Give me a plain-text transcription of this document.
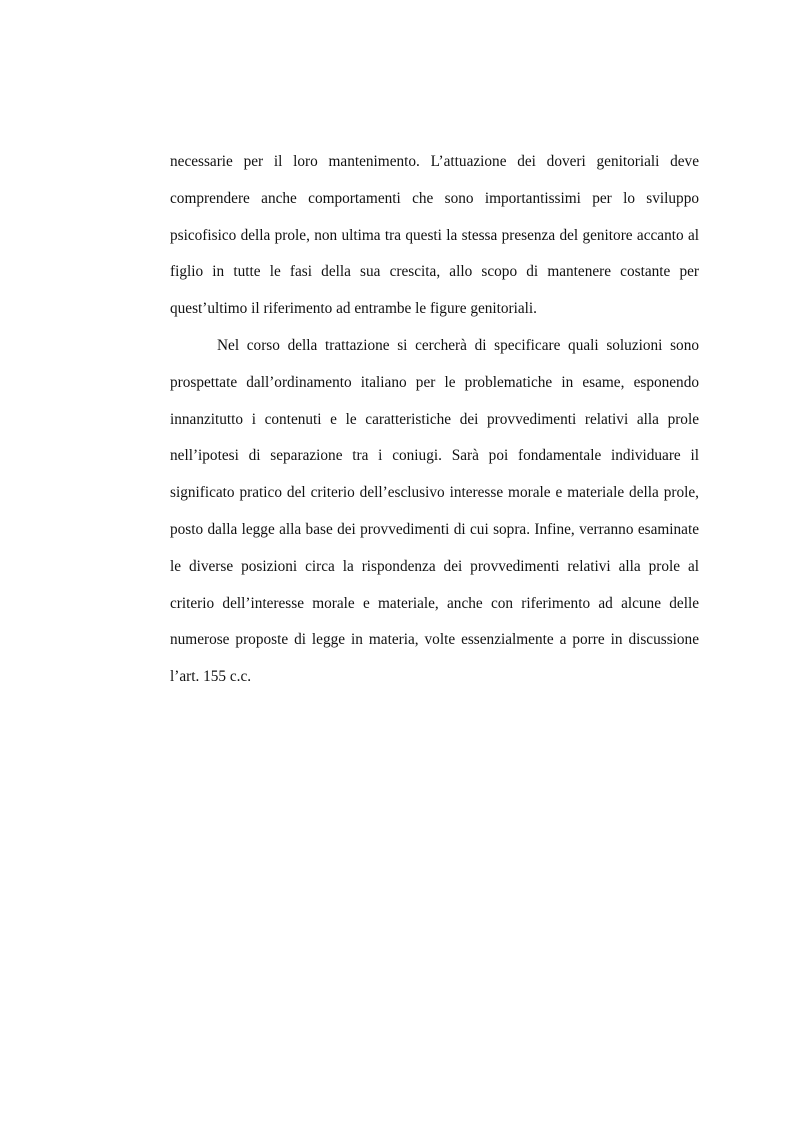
necessarie per il loro mantenimento. L’attuazione dei doveri genitoriali deve comprendere anche comportamenti che sono importantissimi per lo sviluppo psicofisico della prole, non ultima tra questi la stessa presenza del genitore accanto al figlio in tutte le fasi della sua crescita, allo scopo di mantenere costante per quest’ultimo il riferimento ad entrambe le figure genitoriali.

Nel corso della trattazione si cercherà di specificare quali soluzioni sono prospettate dall’ordinamento italiano per le problematiche in esame, esponendo innanzitutto i contenuti e le caratteristiche dei provvedimenti relativi alla prole nell’ipotesi di separazione tra i coniugi. Sarà poi fondamentale individuare il significato pratico del criterio dell’esclusivo interesse morale e materiale della prole, posto dalla legge alla base dei provvedimenti di cui sopra. Infine, verranno esaminate le diverse posizioni circa la rispondenza dei provvedimenti relativi alla prole al criterio dell’interesse morale e materiale, anche con riferimento ad alcune delle numerose proposte di legge in materia, volte essenzialmente a porre in discussione l’art. 155 c.c.
